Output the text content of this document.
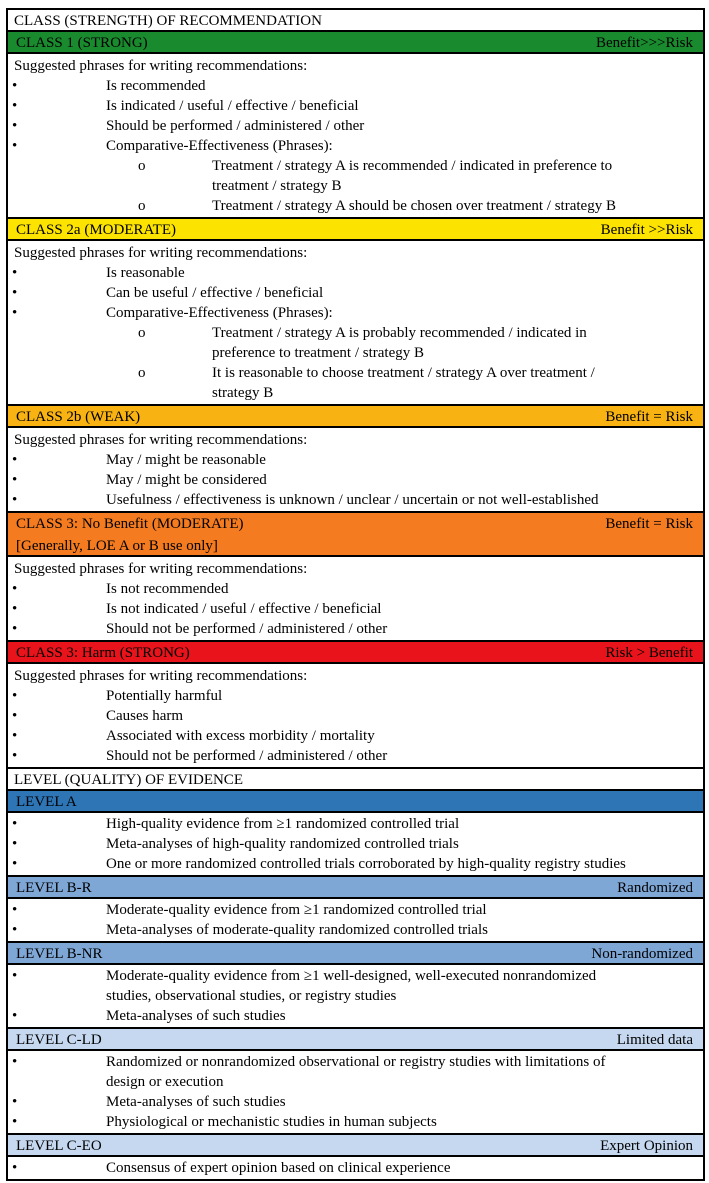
CLASS (STRENGTH) OF RECOMMENDATION
CLASS 1 (STRONG)	Benefit>>>Risk
Suggested phrases for writing recommendations:
•	Is recommended
•	Is indicated / useful / effective / beneficial
•	Should be performed / administered / other
•	Comparative-Effectiveness (Phrases):
o	Treatment / strategy A is recommended / indicated in preference to
treatment / strategy B
o	Treatment / strategy A should be chosen over treatment / strategy B
CLASS 2a (MODERATE)	Benefit >>Risk
Suggested phrases for writing recommendations:
•	Is reasonable
•	Can be useful / effective / beneficial
•	Comparative-Effectiveness (Phrases):
o	Treatment / strategy A is probably recommended / indicated in
preference to treatment / strategy B
o	It is reasonable to choose treatment / strategy A over treatment /
strategy B
CLASS 2b (WEAK)	Benefit = Risk
Suggested phrases for writing recommendations:
•	May / might be reasonable
•	May / might be considered
•	Usefulness / effectiveness is unknown / unclear / uncertain or not well-established
CLASS 3: No Benefit (MODERATE)	Benefit = Risk
[Generally, LOE A or B use only]
Suggested phrases for writing recommendations:
•	Is not recommended
•	Is not indicated / useful / effective / beneficial
•	Should not be performed / administered / other
CLASS 3: Harm (STRONG)	Risk > Benefit
Suggested phrases for writing recommendations:
•	Potentially harmful
•	Causes harm
•	Associated with excess morbidity / mortality
•	Should not be performed / administered / other
LEVEL (QUALITY) OF EVIDENCE
LEVEL A
•	High-quality evidence from ≥1 randomized controlled trial
•	Meta-analyses of high-quality randomized controlled trials
•	One or more randomized controlled trials corroborated by high-quality registry studies
LEVEL B-R	Randomized
•	Moderate-quality evidence from ≥1 randomized controlled trial
•	Meta-analyses of moderate-quality randomized controlled trials
LEVEL B-NR	Non-randomized
•	Moderate-quality evidence from ≥1 well-designed, well-executed nonrandomized
studies, observational studies, or registry studies
•	Meta-analyses of such studies
LEVEL C-LD	Limited data
•	Randomized or nonrandomized observational or registry studies with limitations of
design or execution
•	Meta-analyses of such studies
•	Physiological or mechanistic studies in human subjects
LEVEL C-EO	Expert Opinion
•	Consensus of expert opinion based on clinical experience
